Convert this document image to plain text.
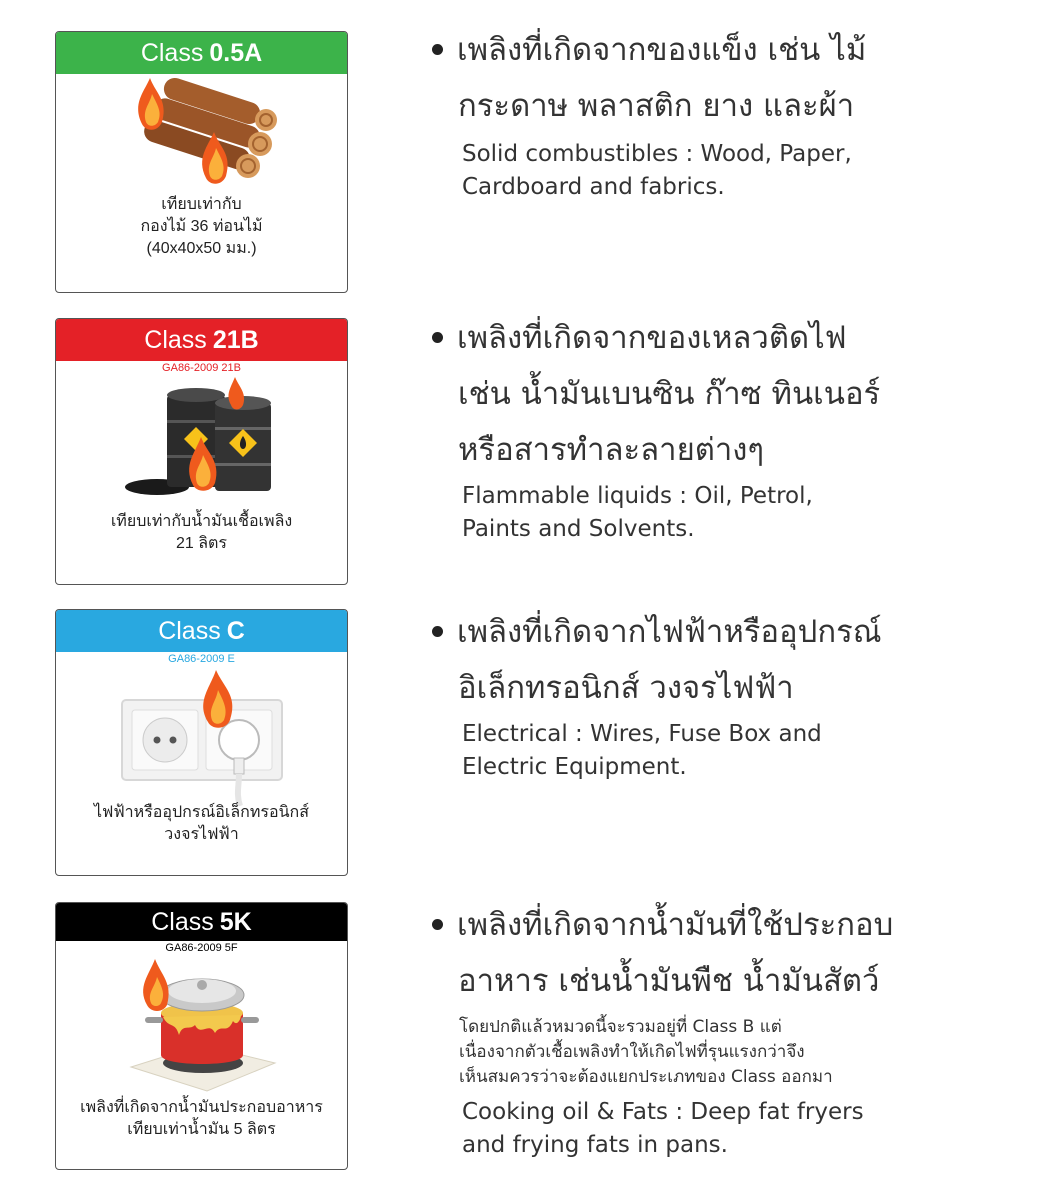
Class 0.5A
เทียบเท่ากับ
กองไม้ 36 ท่อนไม้
(40x40x50 มม.)
เพลิงที่เกิดจากของแข็ง เช่น ไม้
กระดาษ พลาสติก ยาง และผ้า
Solid combustibles : Wood, Paper,
Cardboard and fabrics.
Class 21B
GA86-2009 21B
เทียบเท่ากับน้ำมันเชื้อเพลิง
21 ลิตร
เพลิงที่เกิดจากของเหลวติดไฟ
เช่น น้ำมันเบนซิน ก๊าซ ทินเนอร์
หรือสารทำละลายต่างๆ
Flammable liquids : Oil, Petrol,
Paints and Solvents.
Class C
GA86-2009 E
ไฟฟ้าหรืออุปกรณ์อิเล็กทรอนิกส์
วงจรไฟฟ้า
เพลิงที่เกิดจากไฟฟ้าหรืออุปกรณ์
อิเล็กทรอนิกส์ วงจรไฟฟ้า
Electrical : Wires, Fuse Box and
Electric Equipment.
Class 5K
GA86-2009 5F
เพลิงที่เกิดจากน้ำมันประกอบอาหาร
เทียบเท่าน้ำมัน 5 ลิตร
เพลิงที่เกิดจากน้ำมันที่ใช้ประกอบ
อาหาร เช่นน้ำมันพืช น้ำมันสัตว์
โดยปกติแล้วหมวดนี้จะรวมอยู่ที่ Class B แต่
เนื่องจากตัวเชื้อเพลิงทำให้เกิดไฟที่รุนแรงกว่าจึง
เห็นสมควรว่าจะต้องแยกประเภทของ Class ออกมา
Cooking oil & Fats : Deep fat fryers
and frying fats in pans.
